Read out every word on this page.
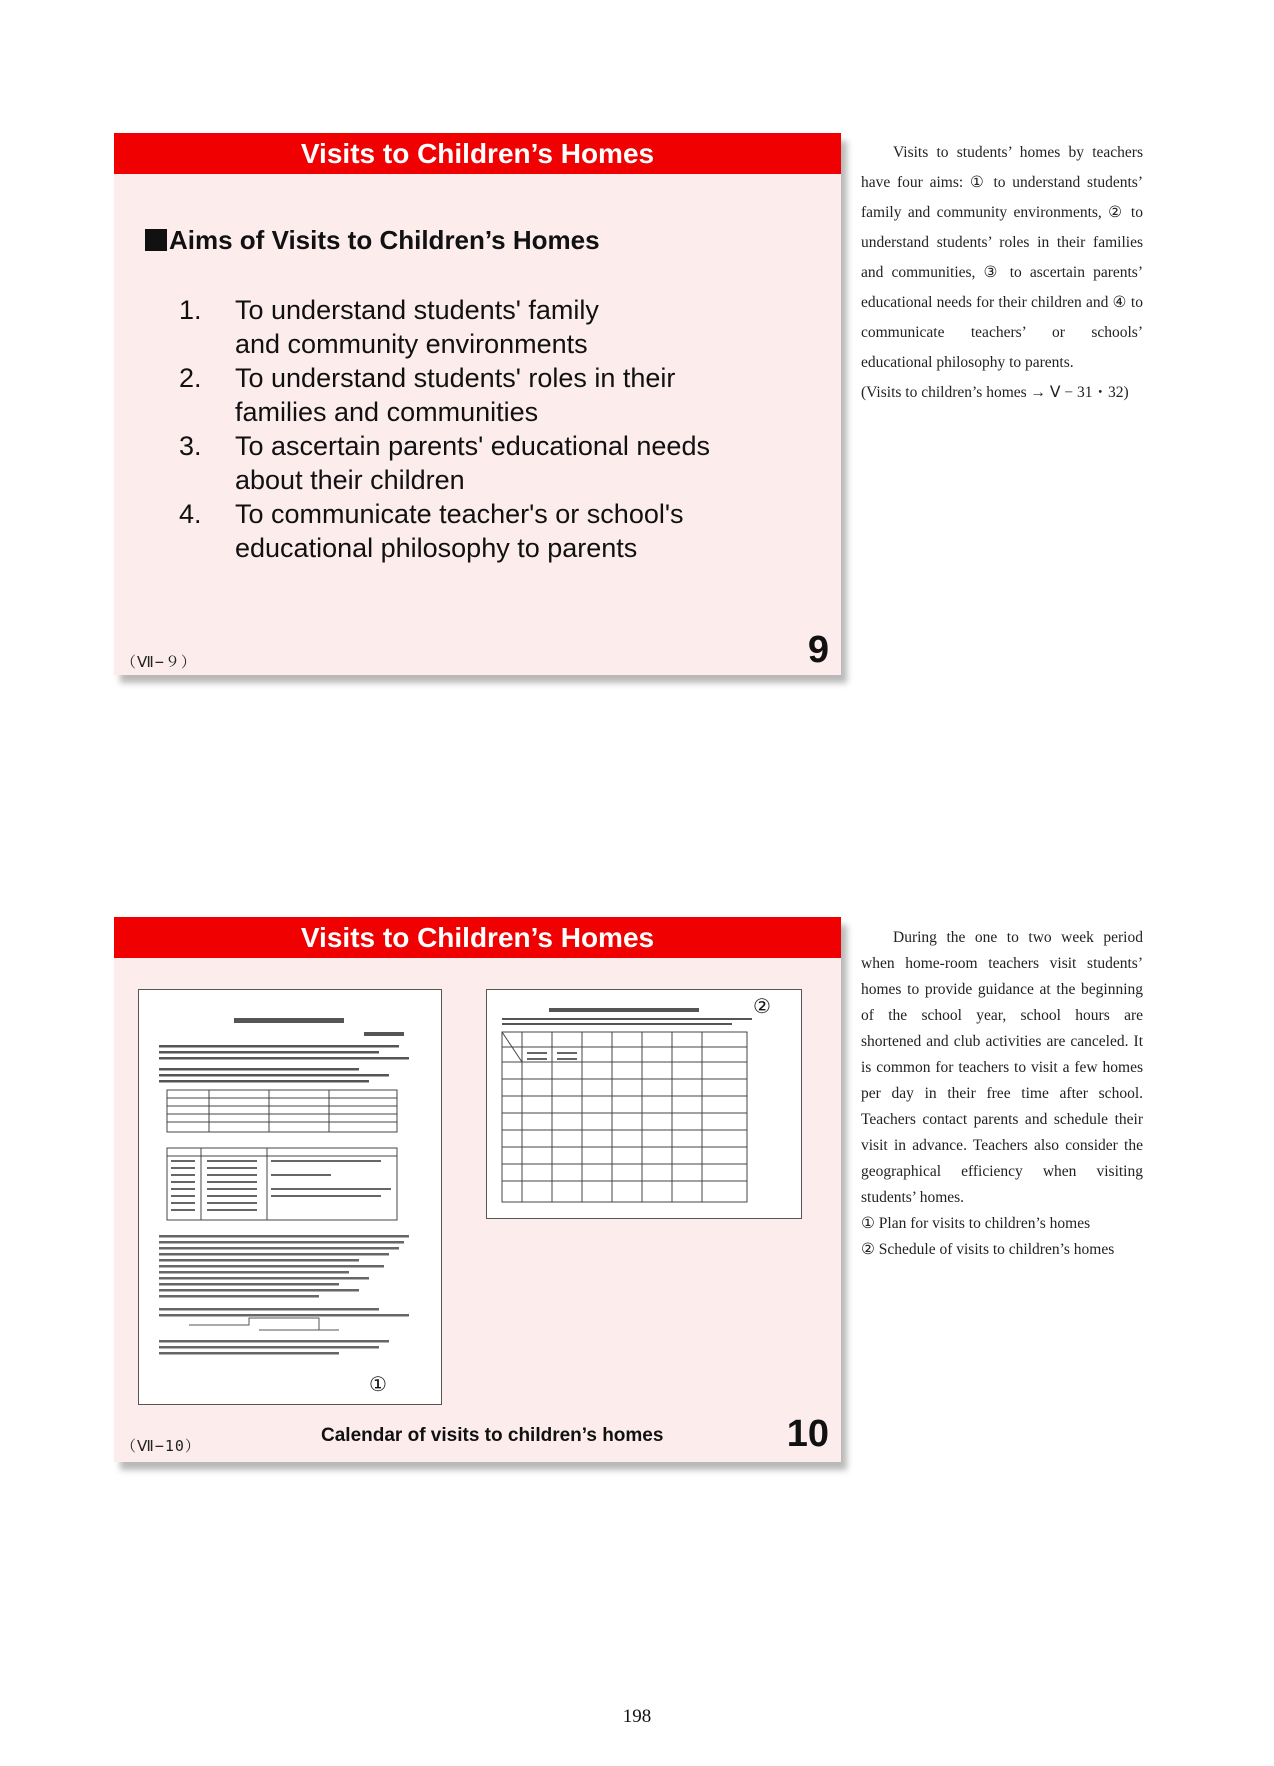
Visits to Children’s Homes
Aims of Visits to Children’s Homes
1. To understand students' family
and community environments
2. To understand students' roles in their
families and communities
3. To ascertain parents' educational needs
about their children
4. To communicate teacher's or school's
educational philosophy to parents
（Ⅶ−９）	9

Visits to students’ homes by teachers have four aims: ① to understand students’ family and community environments, ② to understand students’ roles in their families and communities, ③ to ascertain parents’ educational needs for their children and ④ to communicate teachers’ or schools’ educational philosophy to parents.

(Visits to children’s homes → Ⅴ − 31・32)
Visits to Children’s Homes
①
②
Calendar of visits to children’s homes
（Ⅶ−10）	10

During the one to two week period when home-room teachers visit students’ homes to provide guidance at the beginning of the school year, school hours are shortened and club activities are canceled. It is common for teachers to visit a few homes per day in their free time after school. Teachers contact parents and schedule their visit in advance. Teachers also consider the geographical efficiency when visiting students’ homes.

① Plan for visits to children’s homes
② Schedule of visits to children’s homes
198
